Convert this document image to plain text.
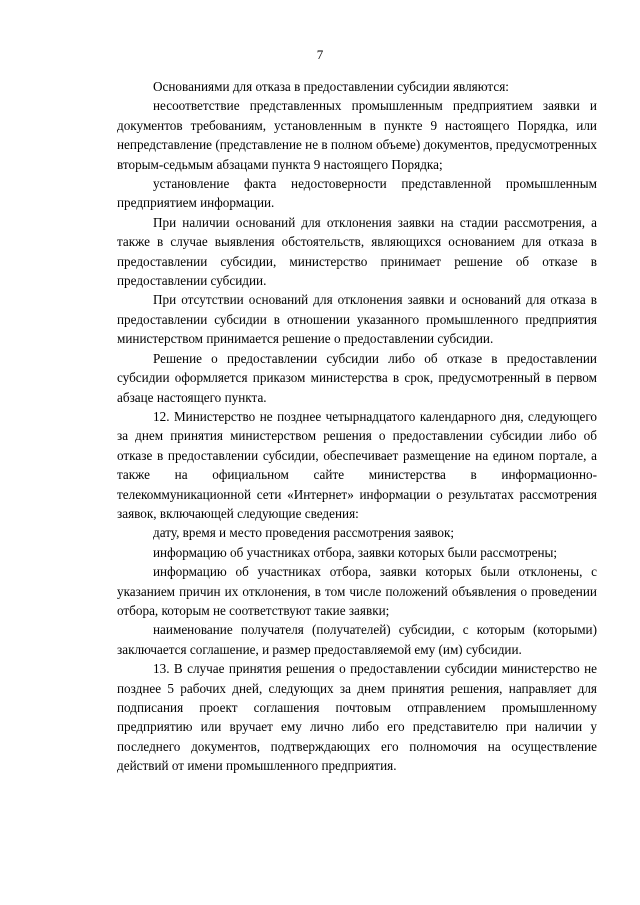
7

Основаниями для отказа в предоставлении субсидии являются:

несоответствие представленных промышленным предприятием заявки и документов требованиям, установленным в пункте 9 настоящего Порядка, или непредставление (представление не в полном объеме) документов, предусмотренных вторым-седьмым абзацами пункта 9 настоящего Порядка;

установление факта недостоверности представленной промышленным предприятием информации.

При наличии оснований для отклонения заявки на стадии рассмотрения, а также в случае выявления обстоятельств, являющихся основанием для отказа в предоставлении субсидии, министерство принимает решение об отказе в предоставлении субсидии.

При отсутствии оснований для отклонения заявки и оснований для отказа в предоставлении субсидии в отношении указанного промышленного предприятия министерством принимается решение о предоставлении субсидии.

Решение о предоставлении субсидии либо об отказе в предоставлении субсидии оформляется приказом министерства в срок, предусмотренный в первом абзаце настоящего пункта.

12. Министерство не позднее четырнадцатого календарного дня, следующего за днем принятия министерством решения о предоставлении субсидии либо об отказе в предоставлении субсидии, обеспечивает размещение на едином портале, а также на официальном сайте министерства в информационно-телекоммуникационной сети «Интернет» информации о результатах рассмотрения заявок, включающей следующие сведения:

дату, время и место проведения рассмотрения заявок;

информацию об участниках отбора, заявки которых были рассмотрены;

информацию об участниках отбора, заявки которых были отклонены, с указанием причин их отклонения, в том числе положений объявления о проведении отбора, которым не соответствуют такие заявки;

наименование получателя (получателей) субсидии, с которым (которыми) заключается соглашение, и размер предоставляемой ему (им) субсидии.

13. В случае принятия решения о предоставлении субсидии министерство не позднее 5 рабочих дней, следующих за днем принятия решения, направляет для подписания проект соглашения почтовым отправлением промышленному предприятию или вручает ему лично либо его представителю при наличии у последнего документов, подтверждающих его полномочия на осуществление действий от имени промышленного предприятия.
